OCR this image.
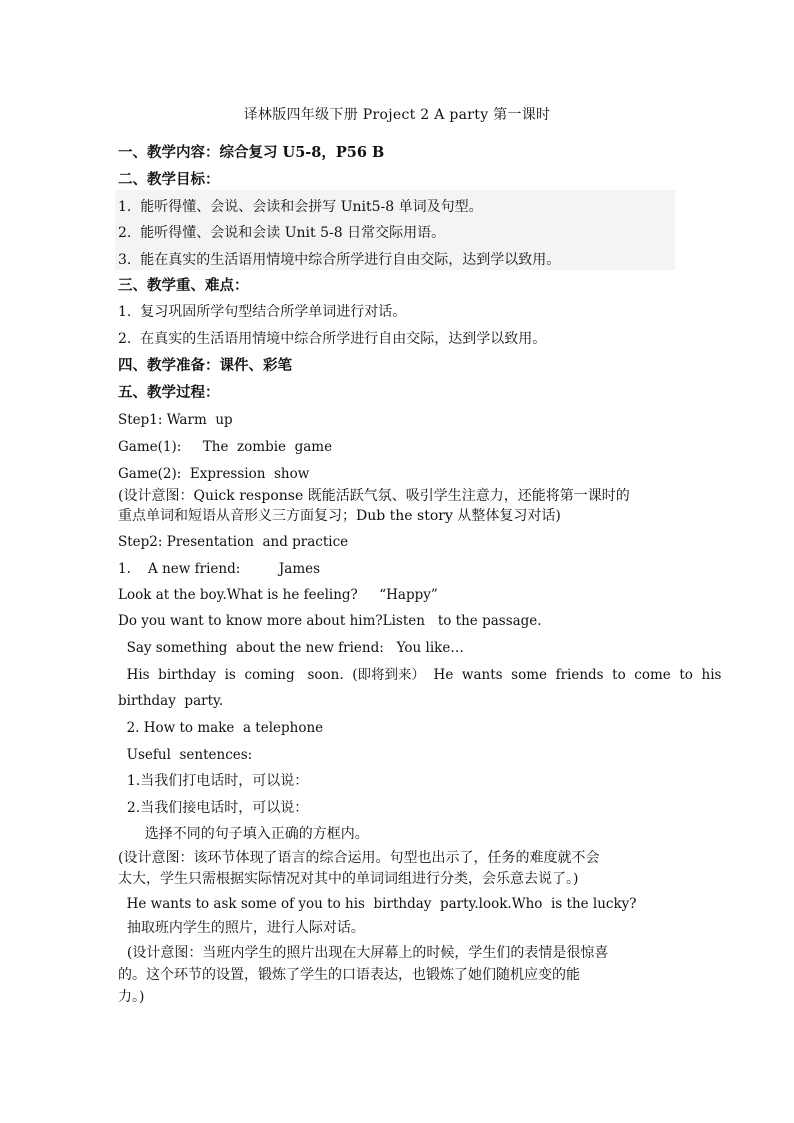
译林版四年级下册 Project 2 A party 第一课时
一、教学内容：综合复习 U5-8，P56 B
二、教学目标：
1.  能听得懂、会说、会读和会拼写 Unit5-8 单词及句型。
2.  能听得懂、会说和会读 Unit 5-8 日常交际用语。
3.  能在真实的生活语用情境中综合所学进行自由交际，达到学以致用。
三、教学重、难点：
1.  复习巩固所学句型结合所学单词进行对话。
2.  在真实的生活语用情境中综合所学进行自由交际，达到学以致用。
四、教学准备：课件、彩笔
五、教学过程：
Step1: Warm  up
Game(1):     The  zombie  game
Game(2):  Expression  show
(设计意图：Quick response 既能活跃气氛、吸引学生注意力，还能将第一课时的
重点单词和短语从音形义三方面复习；Dub the story 从整体复习对话)
Step2: Presentation  and practice
1.    A new friend:         James
Look at the boy.What is he feeling?     “Happy”
Do you want to know more about him?Listen   to the passage.
Say something  about the new friend:   You like…
His  birthday  is  coming   soon.  (即将到来）  He  wants  some  friends  to  come  to  his
birthday  party.
2. How to make  a telephone
Useful  sentences:
1.当我们打电话时，可以说：
2.当我们接电话时，可以说：
选择不同的句子填入正确的方框内。
(设计意图：该环节体现了语言的综合运用。句型也出示了，任务的难度就不会
太大，学生只需根据实际情况对其中的单词词组进行分类，会乐意去说了。)
He wants to ask some of you to his  birthday  party.look.Who  is the lucky?
抽取班内学生的照片，进行人际对话。
(设计意图：当班内学生的照片出现在大屏幕上的时候，学生们的表情是很惊喜
的。这个环节的设置，锻炼了学生的口语表达，也锻炼了她们随机应变的能
力。)
